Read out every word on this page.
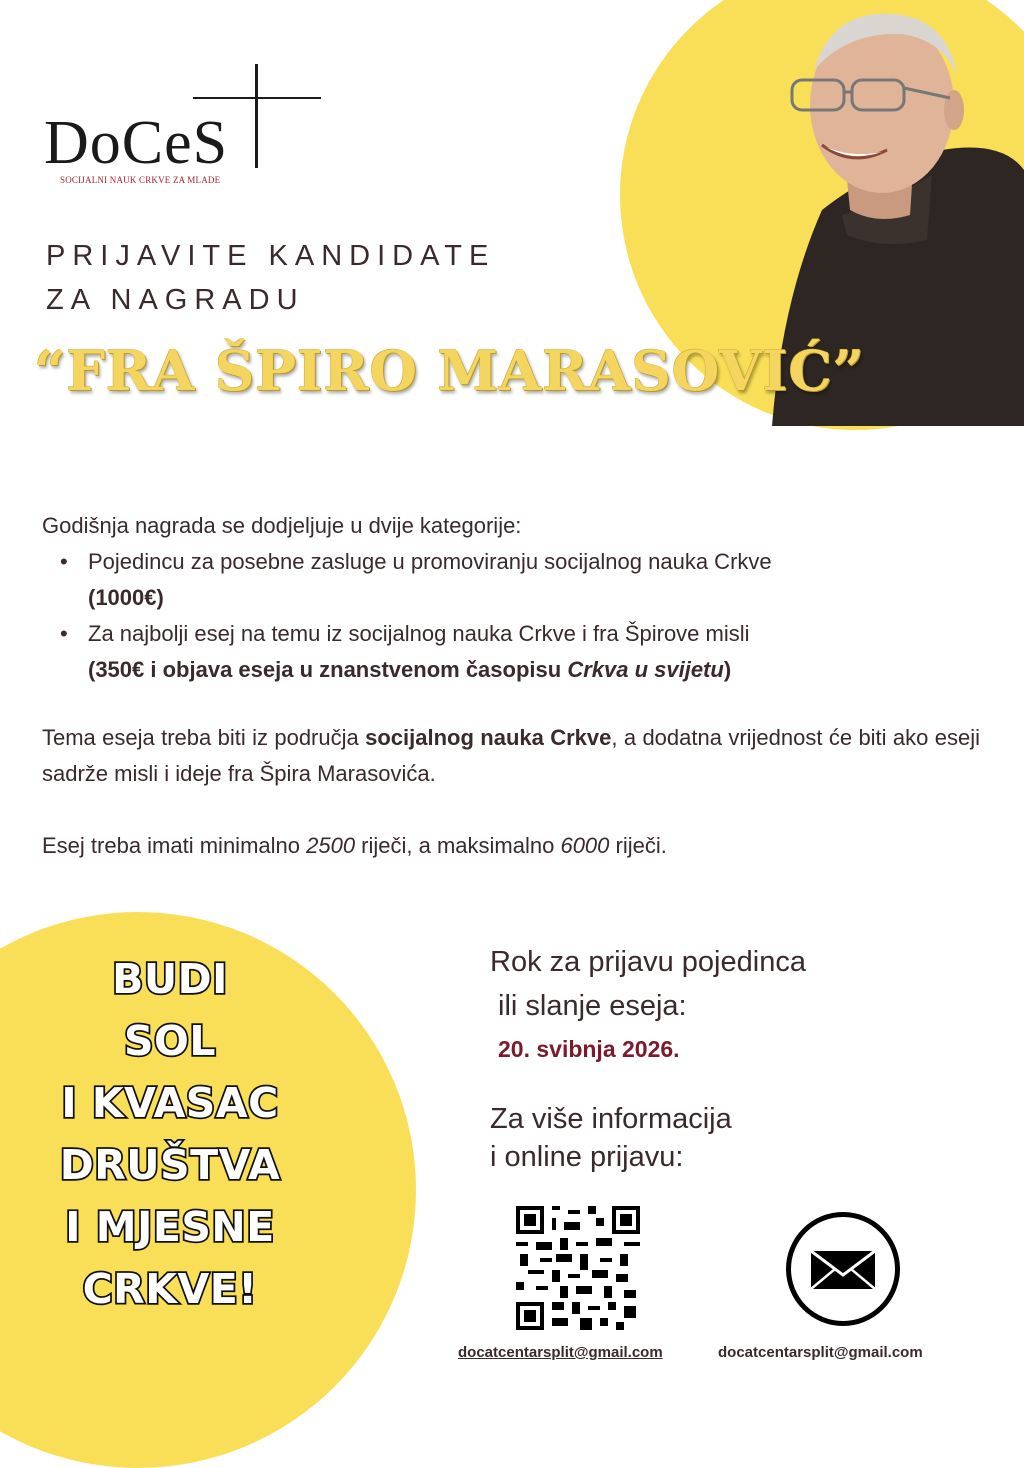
DoCeS
SOCIJALNI NAUK CRKVE ZA MLADE
PRIJAVITE KANDIDATE
ZA NAGRADU
“FRA ŠPIRO MARASOVIĆ”
Godišnja nagrada se dodjeljuje u dvije kategorije:
• Pojedincu za posebne zasluge u promoviranju socijalnog nauka Crkve
(1000€)
• Za najbolji esej na temu iz socijalnog nauka Crkve i fra Špirove misli
(350€ i objava eseja u znanstvenom časopisu Crkva u svijetu)
Tema eseja treba biti iz područja socijalnog nauka Crkve, a dodatna vrijednost će biti ako eseji sadrže misli i ideje fra Špira Marasovića.
Esej treba imati minimalno 2500 riječi, a maksimalno 6000 riječi.
BUDI
SOL
I KVASAC
DRUŠTVA
I MJESNE
CRKVE!
Rok za prijavu pojedinca
ili slanje eseja:
20. svibnja 2026.
Za više informacija
i online prijavu:
docatcentarsplit@gmail.com	docatcentarsplit@gmail.com
